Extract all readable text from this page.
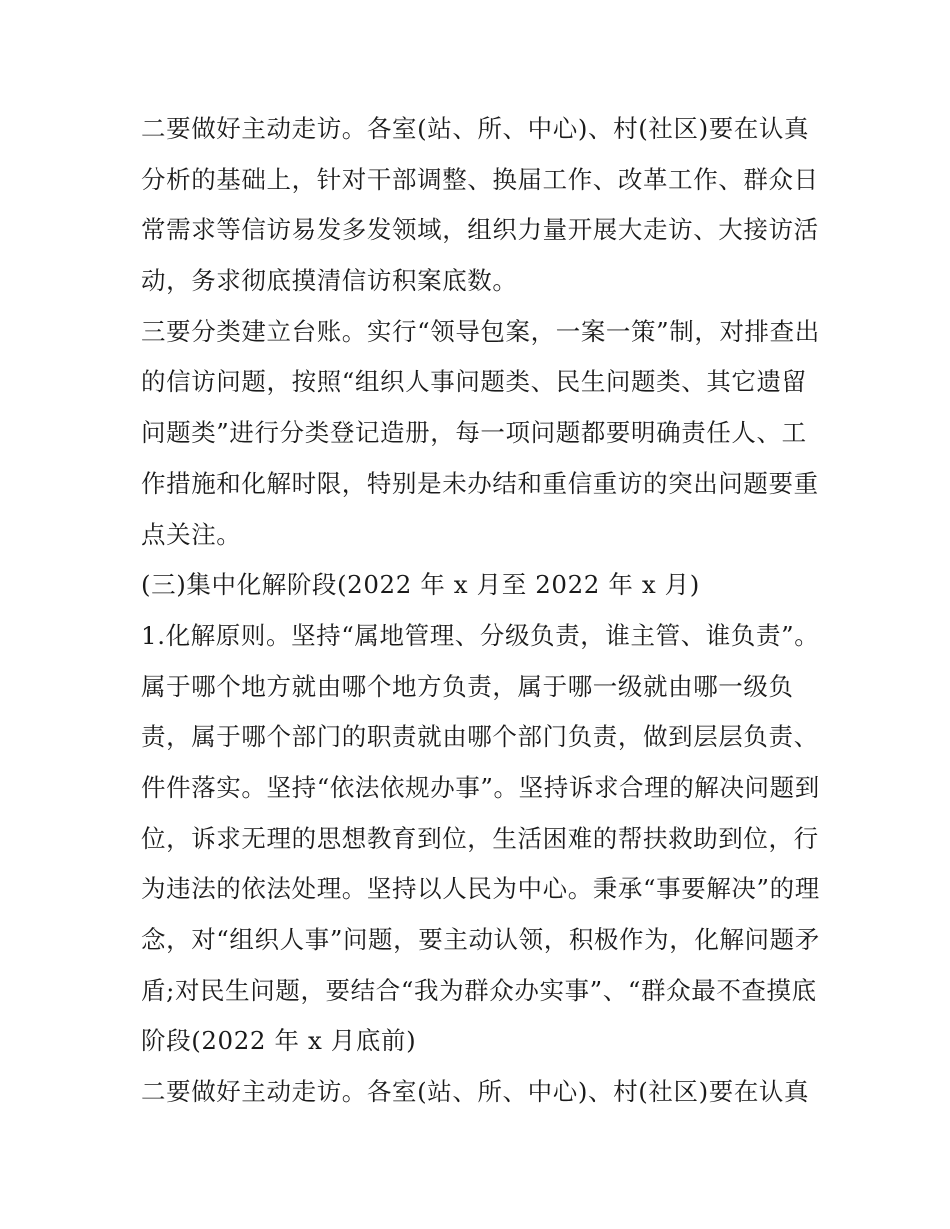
二要做好主动走访。各室(站、所、中心)、村(社区)要在认真
分析的基础上，针对干部调整、换届工作、改革工作、群众日
常需求等信访易发多发领域，组织力量开展大走访、大接访活
动，务求彻底摸清信访积案底数。
三要分类建立台账。实行“领导包案，一案一策”制，对排查出
的信访问题，按照“组织人事问题类、民生问题类、其它遗留
问题类”进行分类登记造册，每一项问题都要明确责任人、工
作措施和化解时限，特别是未办结和重信重访的突出问题要重
点关注。
(三)集中化解阶段(2022 年 x 月至 2022 年 x 月)
1.化解原则。坚持“属地管理、分级负责，谁主管、谁负责”。
属于哪个地方就由哪个地方负责，属于哪一级就由哪一级负
责，属于哪个部门的职责就由哪个部门负责，做到层层负责、
件件落实。坚持“依法依规办事”。坚持诉求合理的解决问题到
位，诉求无理的思想教育到位，生活困难的帮扶救助到位，行
为违法的依法处理。坚持以人民为中心。秉承“事要解决”的理
念，对“组织人事”问题，要主动认领，积极作为，化解问题矛
盾;对民生问题，要结合“我为群众办实事”、“群众最不查摸底
阶段(2022 年 x 月底前)
二要做好主动走访。各室(站、所、中心)、村(社区)要在认真
